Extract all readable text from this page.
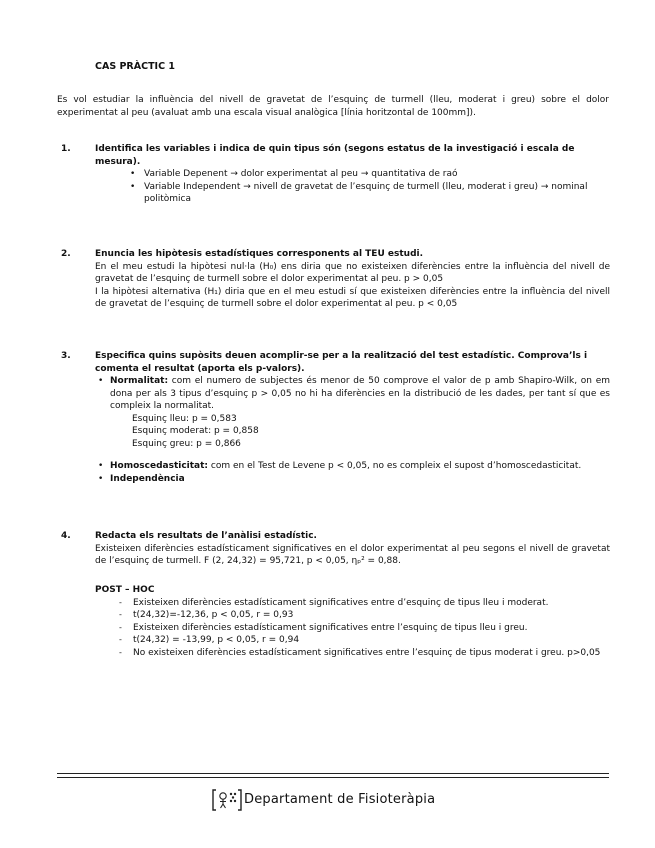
CAS PRÀCTIC 1
Es vol estudiar la influència del nivell de gravetat de l’esquinç de turmell (lleu, moderat i greu) sobre el dolor experimentat al peu (avaluat amb una escala visual analògica [línia horitzontal de 100mm]).
1.	Identifica les variables i indica de quin tipus són (segons estatus de la investigació i escala de mesura).
• Variable Depenent → dolor experimentat al peu → quantitativa de raó
• Variable Independent → nivell de gravetat de l’esquinç de turmell (lleu, moderat i greu) → nominal politòmica
2.	Enuncia les hipòtesis estadístiques corresponents al TEU estudi.
En el meu estudi la hipòtesi nul·la (H₀) ens diria que no existeixen diferències entre la influència del nivell de gravetat de l’esquinç de turmell sobre el dolor experimentat al peu. p > 0,05
I la hipòtesi alternativa (H₁) diria que en el meu estudi sí que existeixen diferències entre la influència del nivell de gravetat de l’esquinç de turmell sobre el dolor experimentat al peu. p < 0,05
3.	Especifica quins supòsits deuen acomplir-se per a la realització del test estadístic. Comprova’ls i comenta el resultat (aporta els p-valors).
• Normalitat: com el numero de subjectes és menor de 50 comprove el valor de p amb Shapiro-Wilk, on em dona per als 3 tipus d’esquinç p > 0,05 no hi ha diferències en la distribució de les dades, per tant sí que es compleix la normalitat.
Esquinç lleu: p = 0,583
Esquinç moderat: p = 0,858
Esquinç greu: p = 0,866
• Homoscedasticitat: com en el Test de Levene p < 0,05, no es compleix el supost d’homoscedasticitat.
• Independència
4.	Redacta els resultats de l’anàlisi estadístic.
Existeixen diferències estadísticament significatives en el dolor experimentat al peu segons el nivell de gravetat de l’esquinç de turmell. F (2, 24,32) = 95,721, p < 0,05, ηₚ² = 0,88.
POST – HOC
- Existeixen diferències estadísticament significatives entre d’esquinç de tipus lleu i moderat.
- t(24,32)=-12,36, p < 0,05, r = 0,93
- Existeixen diferències estadísticament significatives entre l’esquinç de tipus lleu i greu.
- t(24,32) = -13,99, p < 0,05, r = 0,94
- No existeixen diferències estadísticament significatives entre l’esquinç de tipus moderat i greu. p>0,05
Departament de Fisioteràpia
